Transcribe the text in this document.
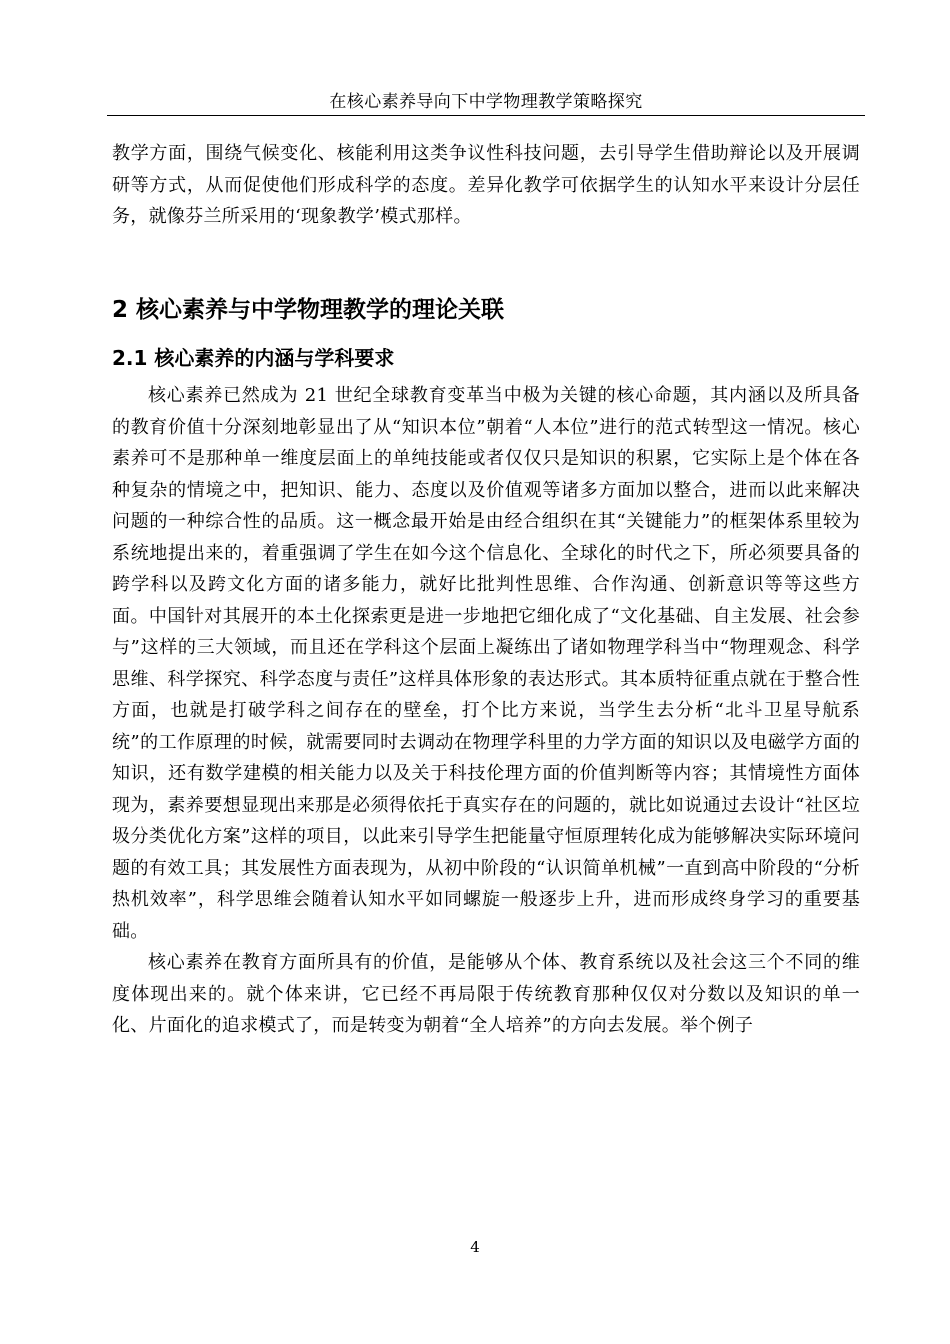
在核心素养导向下中学物理教学策略探究

教学方面，围绕气候变化、核能利用这类争议性科技问题，去引导学生借助辩论以及开展调研等方式，从而促使他们形成科学的态度。差异化教学可依据学生的认知水平来设计分层任务，就像芬兰所采用的‘现象教学’模式那样。

2 核心素养与中学物理教学的理论关联
2.1 核心素养的内涵与学科要求

核心素养已然成为 21 世纪全球教育变革当中极为关键的核心命题，其内涵以及所具备的教育价值十分深刻地彰显出了从“知识本位”朝着“人本位”进行的范式转型这一情况。核心素养可不是那种单一维度层面上的单纯技能或者仅仅只是知识的积累，它实际上是个体在各种复杂的情境之中，把知识、能力、态度以及价值观等诸多方面加以整合，进而以此来解决问题的一种综合性的品质。这一概念最开始是由经合组织在其“关键能力”的框架体系里较为系统地提出来的，着重强调了学生在如今这个信息化、全球化的时代之下，所必须要具备的跨学科以及跨文化方面的诸多能力，就好比批判性思维、合作沟通、创新意识等等这些方面。中国针对其展开的本土化探索更是进一步地把它细化成了“文化基础、自主发展、社会参与”这样的三大领域，而且还在学科这个层面上凝练出了诸如物理学科当中“物理观念、科学思维、科学探究、科学态度与责任”这样具体形象的表达形式。其本质特征重点就在于整合性方面，也就是打破学科之间存在的壁垒，打个比方来说，当学生去分析“北斗卫星导航系统”的工作原理的时候，就需要同时去调动在物理学科里的力学方面的知识以及电磁学方面的知识，还有数学建模的相关能力以及关于科技伦理方面的价值判断等内容；其情境性方面体现为，素养要想显现出来那是必须得依托于真实存在的问题的，就比如说通过去设计“社区垃圾分类优化方案”这样的项目，以此来引导学生把能量守恒原理转化成为能够解决实际环境问题的有效工具；其发展性方面表现为，从初中阶段的“认识简单机械”一直到高中阶段的“分析热机效率”，科学思维会随着认知水平如同螺旋一般逐步上升，进而形成终身学习的重要基础。

核心素养在教育方面所具有的价值，是能够从个体、教育系统以及社会这三个不同的维度体现出来的。就个体来讲，它已经不再局限于传统教育那种仅仅对分数以及知识的单一化、片面化的追求模式了，而是转变为朝着“全人培养”的方向去发展。举个例子

4
